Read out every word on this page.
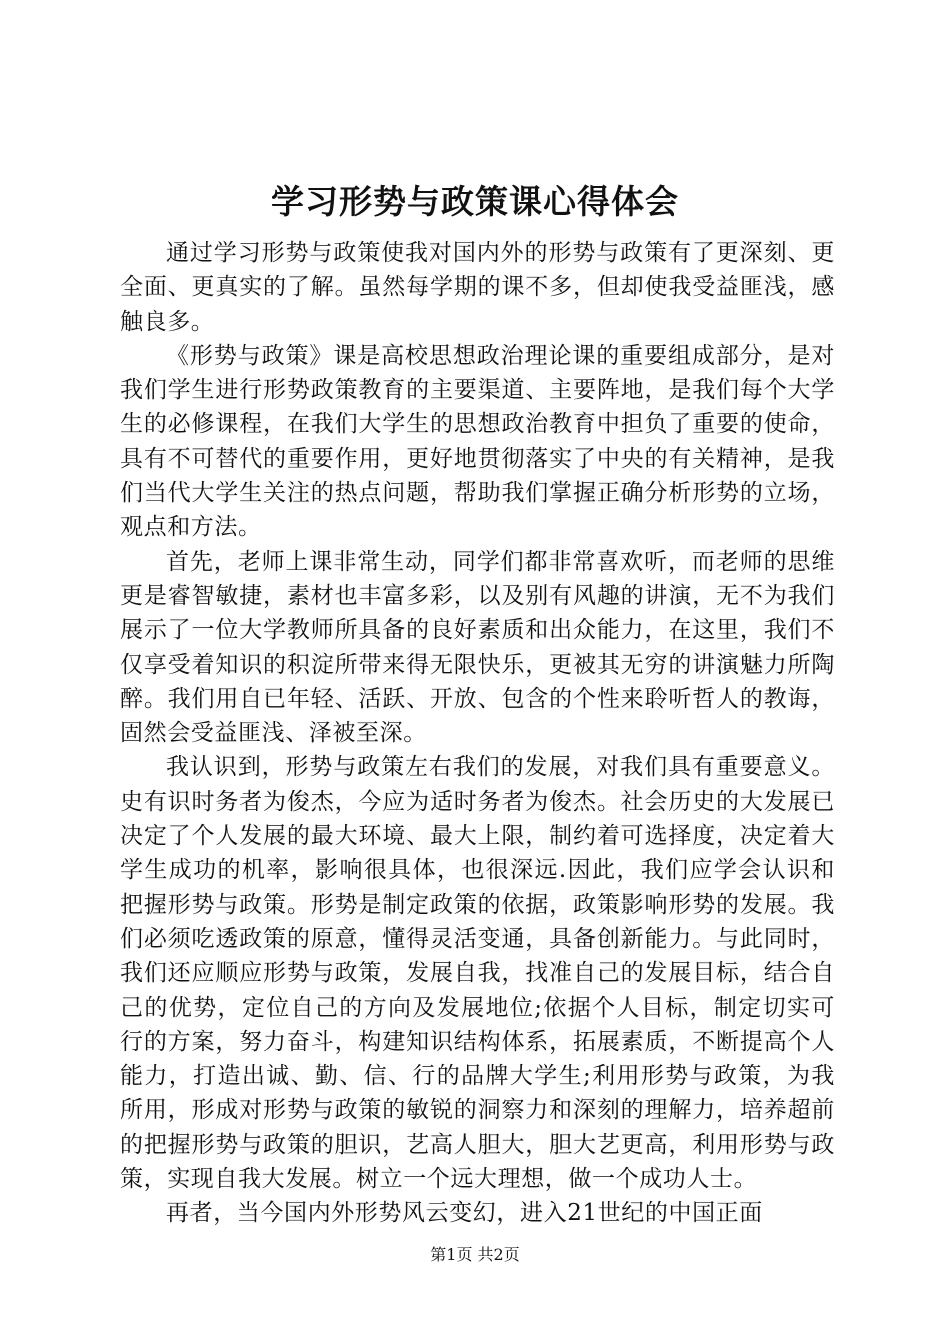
学习形势与政策课心得体会

通过学习形势与政策使我对国内外的形势与政策有了更深刻、更全面、更真实的了解。虽然每学期的课不多，但却使我受益匪浅，感触良多。

《形势与政策》课是高校思想政治理论课的重要组成部分，是对我们学生进行形势政策教育的主要渠道、主要阵地，是我们每个大学生的必修课程，在我们大学生的思想政治教育中担负了重要的使命，具有不可替代的重要作用，更好地贯彻落实了中央的有关精神，是我们当代大学生关注的热点问题，帮助我们掌握正确分析形势的立场，观点和方法。

首先，老师上课非常生动，同学们都非常喜欢听，而老师的思维更是睿智敏捷，素材也丰富多彩，以及别有风趣的讲演，无不为我们展示了一位大学教师所具备的良好素质和出众能力，在这里，我们不仅享受着知识的积淀所带来得无限快乐，更被其无穷的讲演魅力所陶醉。我们用自已年轻、活跃、开放、包含的个性来聆听哲人的教诲，固然会受益匪浅、泽被至深。

我认识到，形势与政策左右我们的发展，对我们具有重要意义。史有识时务者为俊杰，今应为适时务者为俊杰。社会历史的大发展已决定了个人发展的最大环境、最大上限，制约着可选择度，决定着大学生成功的机率，影响很具体，也很深远.因此，我们应学会认识和把握形势与政策。形势是制定政策的依据，政策影响形势的发展。我们必须吃透政策的原意，懂得灵活变通，具备创新能力。与此同时，我们还应顺应形势与政策，发展自我，找准自己的发展目标，结合自己的优势，定位自己的方向及发展地位;依据个人目标，制定切实可行的方案，努力奋斗，构建知识结构体系，拓展素质，不断提高个人能力，打造出诚、勤、信、行的品牌大学生;利用形势与政策，为我所用，形成对形势与政策的敏锐的洞察力和深刻的理解力，培养超前的把握形势与政策的胆识，艺高人胆大，胆大艺更高，利用形势与政策，实现自我大发展。树立一个远大理想，做一个成功人士。

再者，当今国内外形势风云变幻，进入21世纪的中国正面

第1页 共2页
